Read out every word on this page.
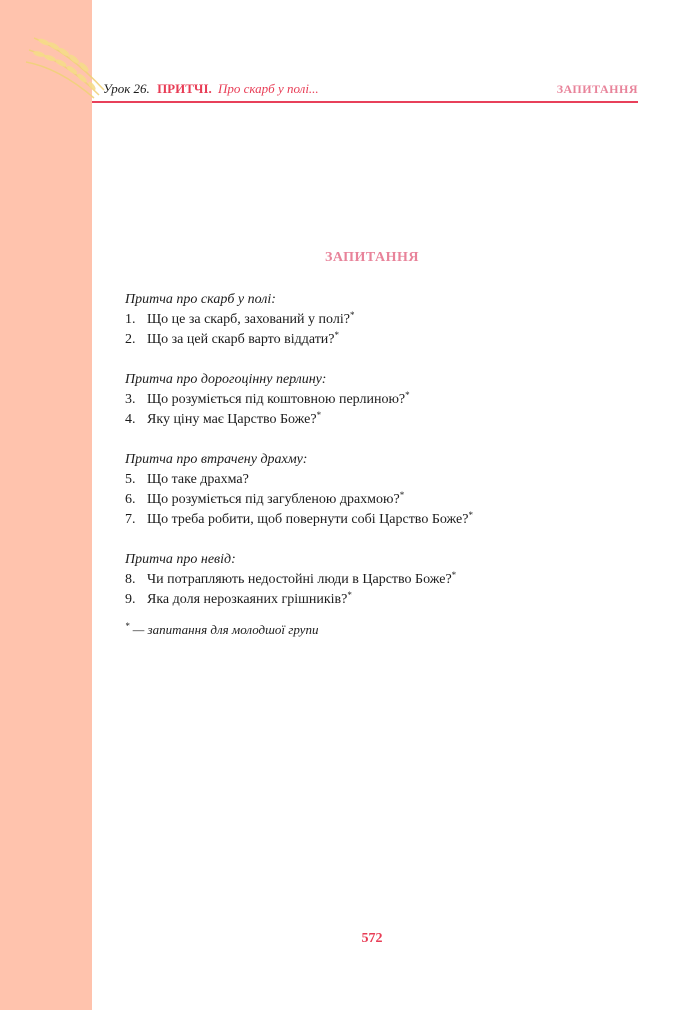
Урок 26. ПРИТЧІ. Про скарб у полі...	ЗАПИТАННЯ
ЗАПИТАННЯ
Притча про скарб у полі:
1. Що це за скарб, захований у полі?*
2. Що за цей скарб варто віддати?*
Притча про дорогоцінну перлину:
3. Що розуміється під коштовною перлиною?*
4. Яку ціну має Царство Боже?*
Притча про втрачену драхму:
5. Що таке драхма?
6. Що розуміється під загубленою драхмою?*
7. Що треба робити, щоб повернути собі Царство Боже?*
Притча про невід:
8. Чи потрапляють недостойні люди в Царство Боже?*
9. Яка доля нерозкаяних грішників?*
* — запитання для молодшої групи
572
